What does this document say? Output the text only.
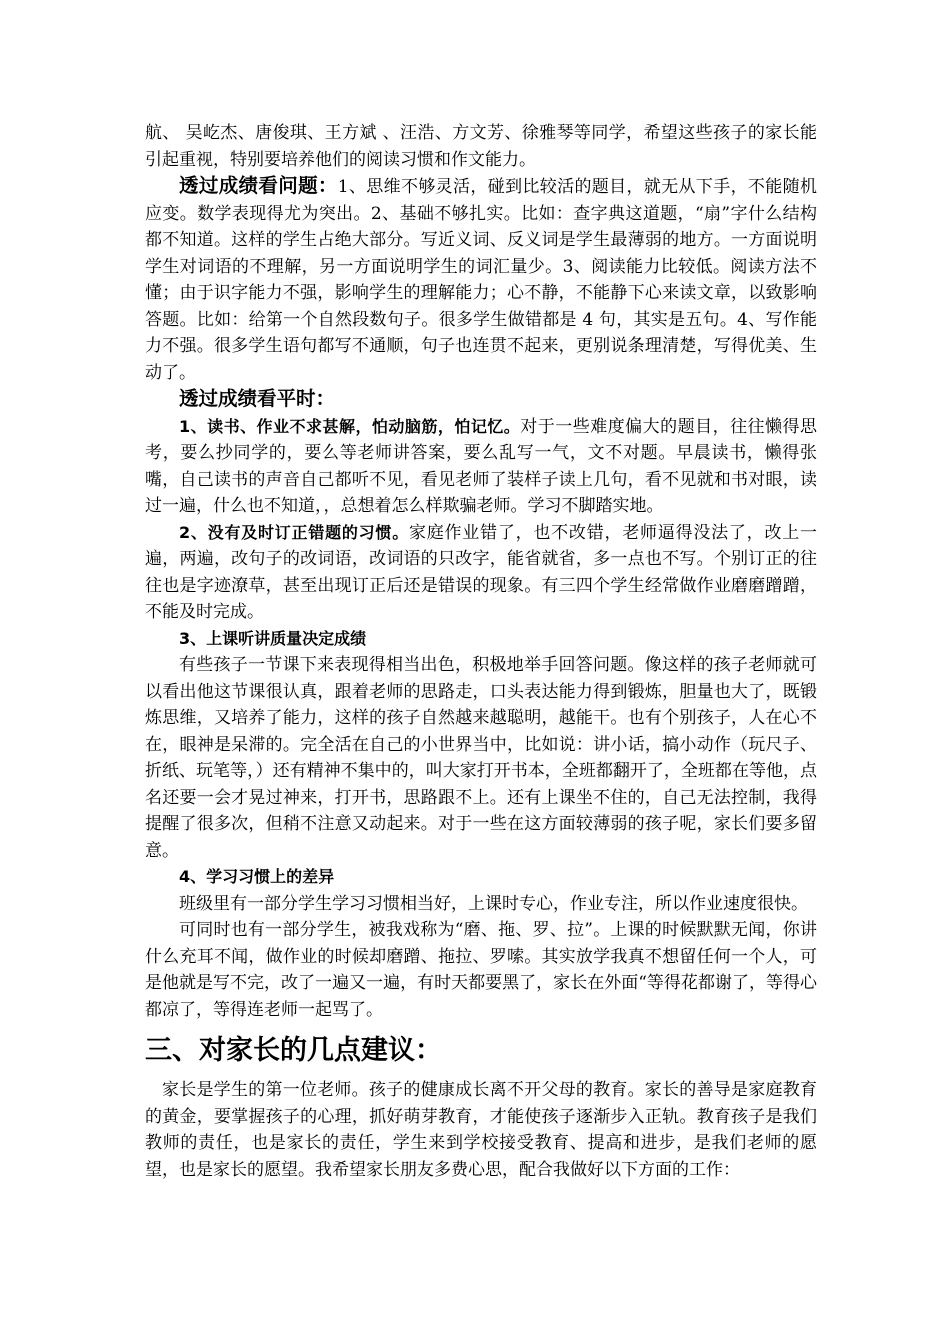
航、 吴屹杰、唐俊琪、王方斌 、汪浩、方文芳、徐雅琴等同学，希望这些孩子的家长能引起重视，特别要培养他们的阅读习惯和作文能力。

透过成绩看问题：1、思维不够灵活，碰到比较活的题目，就无从下手，不能随机应变。数学表现得尤为突出。2、基础不够扎实。比如：查字典这道题，“扇”字什么结构都不知道。这样的学生占绝大部分。写近义词、反义词是学生最薄弱的地方。一方面说明学生对词语的不理解，另一方面说明学生的词汇量少。3、阅读能力比较低。阅读方法不懂；由于识字能力不强，影响学生的理解能力；心不静，不能静下心来读文章，以致影响答题。比如：给第一个自然段数句子。很多学生做错都是 4 句，其实是五句。4、写作能力不强。很多学生语句都写不通顺，句子也连贯不起来，更别说条理清楚，写得优美、生动了。

透过成绩看平时：

1、读书、作业不求甚解，怕动脑筋，怕记忆。对于一些难度偏大的题目，往往懒得思考，要么抄同学的，要么等老师讲答案，要么乱写一气，文不对题。早晨读书，懒得张嘴，自己读书的声音自己都听不见，看见老师了装样子读上几句，看不见就和书对眼，读过一遍，什么也不知道，，总想着怎么样欺骗老师。学习不脚踏实地。

2、没有及时订正错题的习惯。家庭作业错了，也不改错，老师逼得没法了，改上一遍，两遍，改句子的改词语，改词语的只改字，能省就省，多一点也不写。个别订正的往往也是字迹潦草，甚至出现订正后还是错误的现象。有三四个学生经常做作业磨磨蹭蹭，不能及时完成。

3、上课听讲质量决定成绩

有些孩子一节课下来表现得相当出色，积极地举手回答问题。像这样的孩子老师就可以看出他这节课很认真，跟着老师的思路走，口头表达能力得到锻炼，胆量也大了，既锻炼思维，又培养了能力，这样的孩子自然越来越聪明，越能干。也有个别孩子，人在心不在，眼神是呆滞的。完全活在自己的小世界当中，比如说：讲小话，搞小动作（玩尺子、折纸、玩笔等，）还有精神不集中的，叫大家打开书本，全班都翻开了，全班都在等他，点名还要一会才晃过神来，打开书，思路跟不上。还有上课坐不住的，自己无法控制，我得提醒了很多次，但稍不注意又动起来。对于一些在这方面较薄弱的孩子呢，家长们要多留意。

4、学习习惯上的差异

班级里有一部分学生学习习惯相当好，上课时专心，作业专注，所以作业速度很快。

可同时也有一部分学生，被我戏称为“磨、拖、罗、拉”。上课的时候默默无闻，你讲什么充耳不闻，做作业的时候却磨蹭、拖拉、罗嗦。其实放学我真不想留任何一个人，可是他就是写不完，改了一遍又一遍，有时天都要黑了，家长在外面“等得花都谢了，等得心都凉了，等得连老师一起骂了。

三、对家长的几点建议：

家长是学生的第一位老师。孩子的健康成长离不开父母的教育。家长的善导是家庭教育的黄金，要掌握孩子的心理，抓好萌芽教育，才能使孩子逐渐步入正轨。教育孩子是我们教师的责任，也是家长的责任，学生来到学校接受教育、提高和进步，是我们老师的愿望，也是家长的愿望。我希望家长朋友多费心思，配合我做好以下方面的工作：
